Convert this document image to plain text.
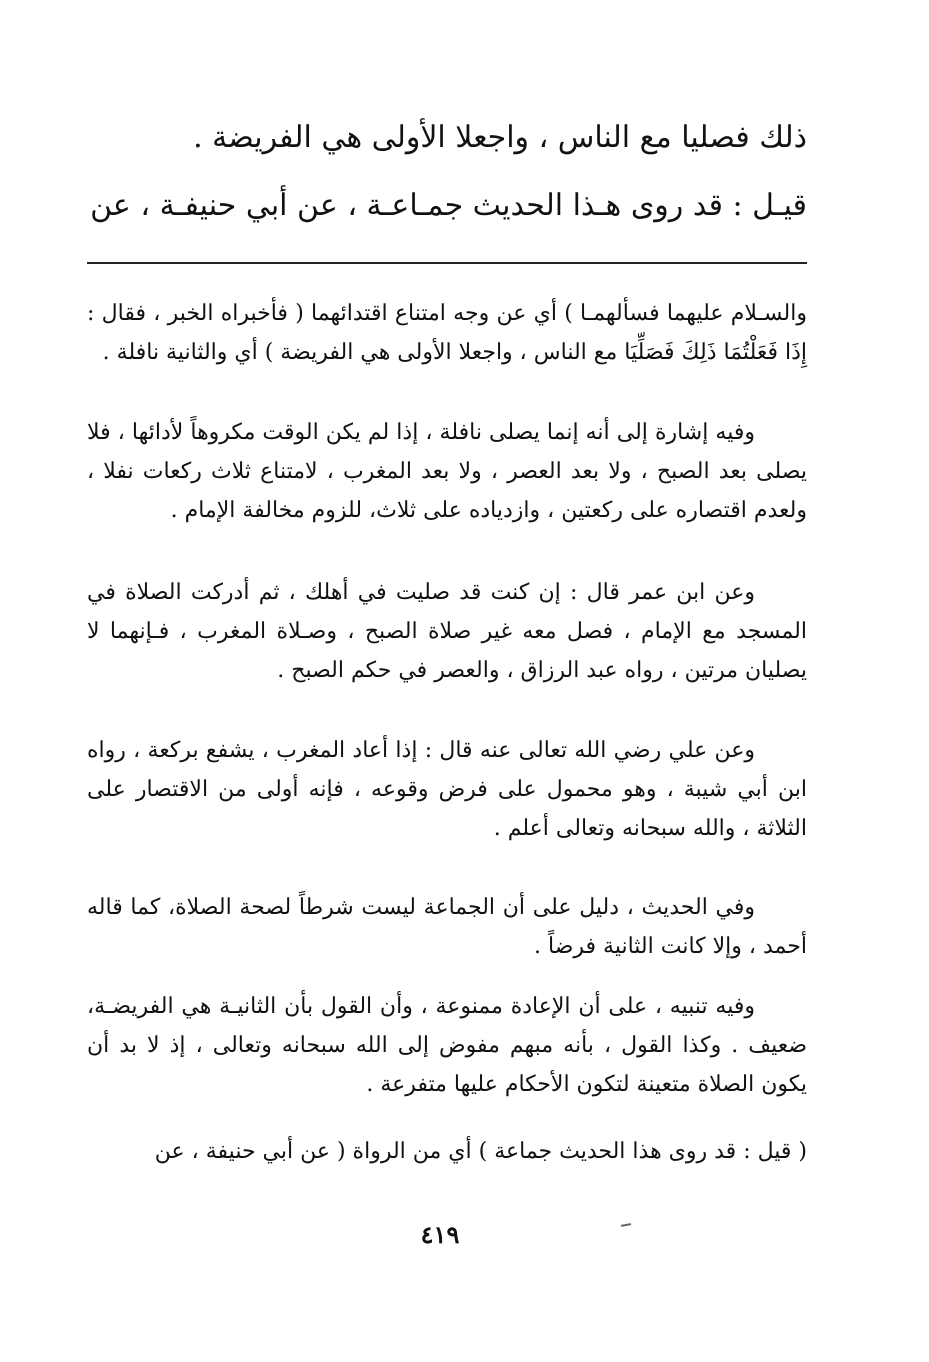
ذلك فصليا مع الناس ، واجعلا الأولى هي الفريضة .
قيـل : قد روى هـذا الحديث جمـاعـة ، عن أبي حنيفـة ، عن

والسـلام عليهما فسألهمـا ) أي عن وجه امتناع اقتدائهما ( فأخبراه الخبر ، فقال : إِذَا فَعَلْتُمَا ذَلِكَ فَصَلِّيَا مع الناس ، واجعلا الأولى هي الفريضة ) أي والثانية نافلة .

وفيه إشارة إلى أنه إنما يصلى نافلة ، إذا لم يكن الوقت مكروهاً لأدائها ، فلا يصلى بعد الصبح ، ولا بعد العصر ، ولا بعد المغرب ، لامتناع ثلاث ركعات نفلا ، ولعدم اقتصاره على ركعتين ، وازدياده على ثلاث، للزوم مخالفة الإمام .

وعن ابن عمر قال : إن كنت قد صليت في أهلك ، ثم أدركت الصلاة في المسجد مع الإمام ، فصل معه غير صلاة الصبح ، وصـلاة المغرب ، فـإنهما لا يصليان مرتين ، رواه عبد الرزاق ، والعصر في حكم الصبح .

وعن علي رضي الله تعالى عنه قال : إذا أعاد المغرب ، يشفع بركعة ، رواه ابن أبي شيبة ، وهو محمول على فرض وقوعه ، فإنه أولى من الاقتصار على الثلاثة ، والله سبحانه وتعالى أعلم .

وفي الحديث ، دليل على أن الجماعة ليست شرطاً لصحة الصلاة، كما قاله أحمد ، وإلا كانت الثانية فرضاً .

وفيه تنبيه ، على أن الإعادة ممنوعة ، وأن القول بأن الثانيـة هي الفريضـة، ضعيف . وكذا القول ، بأنه مبهم مفوض إلى الله سبحانه وتعالى ، إذ لا بد أن يكون الصلاة متعينة لتكون الأحكام عليها متفرعة .

( قيل : قد روى هذا الحديث جماعة ) أي من الرواة ( عن أبي حنيفة ، عن

٤١٩
